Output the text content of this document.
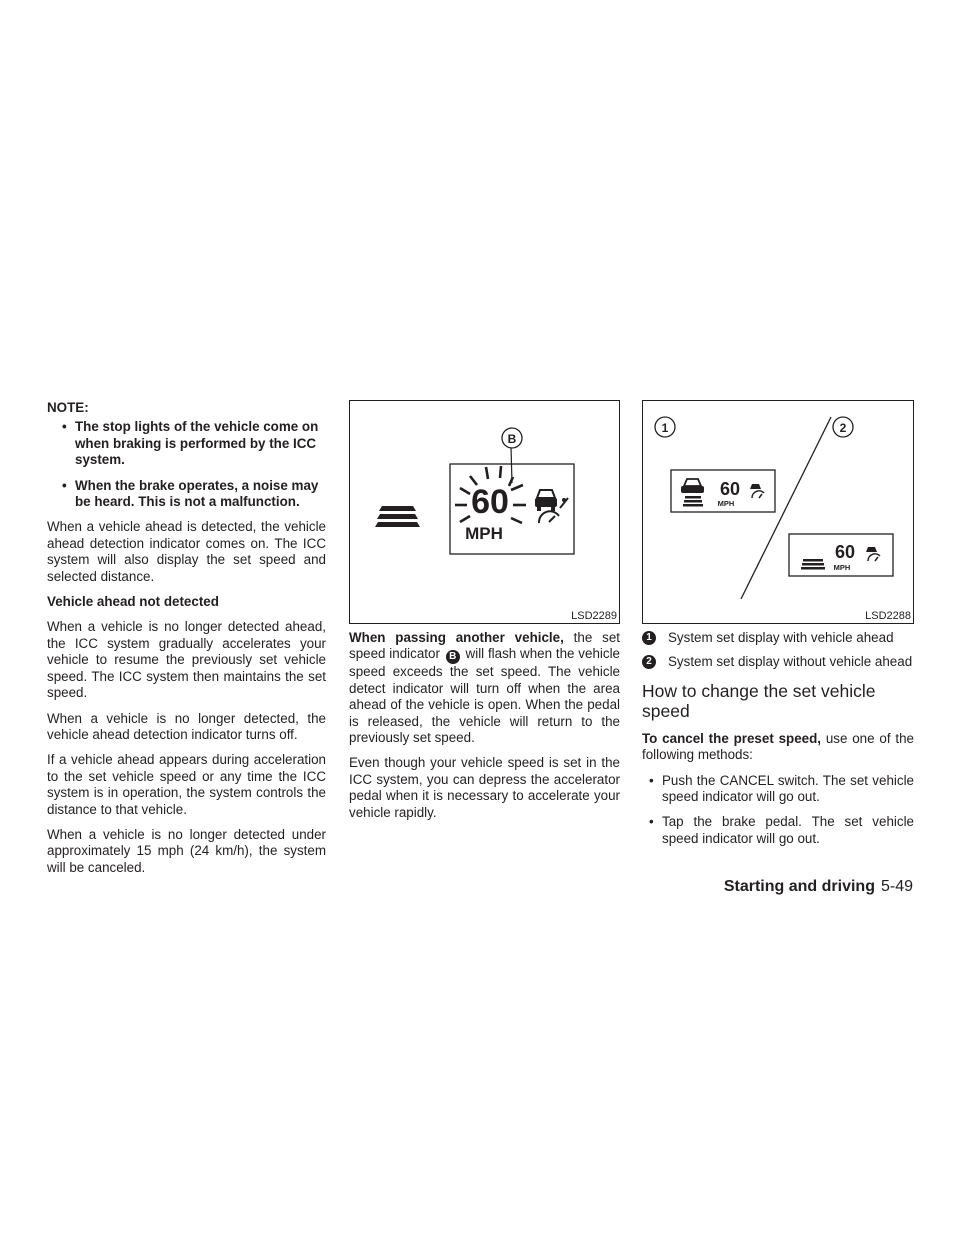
NOTE:
• The stop lights of the vehicle come on when braking is performed by the ICC system.
• When the brake operates, a noise may be heard. This is not a malfunction.

When a vehicle ahead is detected, the vehicle ahead detection indicator comes on. The ICC system will also display the set speed and selected distance.

Vehicle ahead not detected

When a vehicle is no longer detected ahead, the ICC system gradually accelerates your vehicle to resume the previously set vehicle speed. The ICC system then maintains the set speed.

When a vehicle is no longer detected, the vehicle ahead detection indicator turns off.

If a vehicle ahead appears during acceleration to the set vehicle speed or any time the ICC system is in operation, the system controls the distance to that vehicle.

When a vehicle is no longer detected under approximately 15 mph (24 km/h), the system will be canceled.

60
MPH
B
LSD2289

When passing another vehicle, the set speed indicator B will flash when the vehicle speed exceeds the set speed. The vehicle detect indicator will turn off when the area ahead of the vehicle is open. When the pedal is released, the vehicle will return to the previously set speed.

Even though your vehicle speed is set in the ICC system, you can depress the accelerator pedal when it is necessary to accelerate your vehicle rapidly.

1	2
60
MPH
60
MPH
LSD2288
1	System set display with vehicle ahead
2	System set display without vehicle ahead
How to change the set vehicle speed

To cancel the preset speed, use one of the following methods:

• Push the CANCEL switch. The set vehicle speed indicator will go out.
• Tap the brake pedal. The set vehicle speed indicator will go out.
Starting and driving 5-49
